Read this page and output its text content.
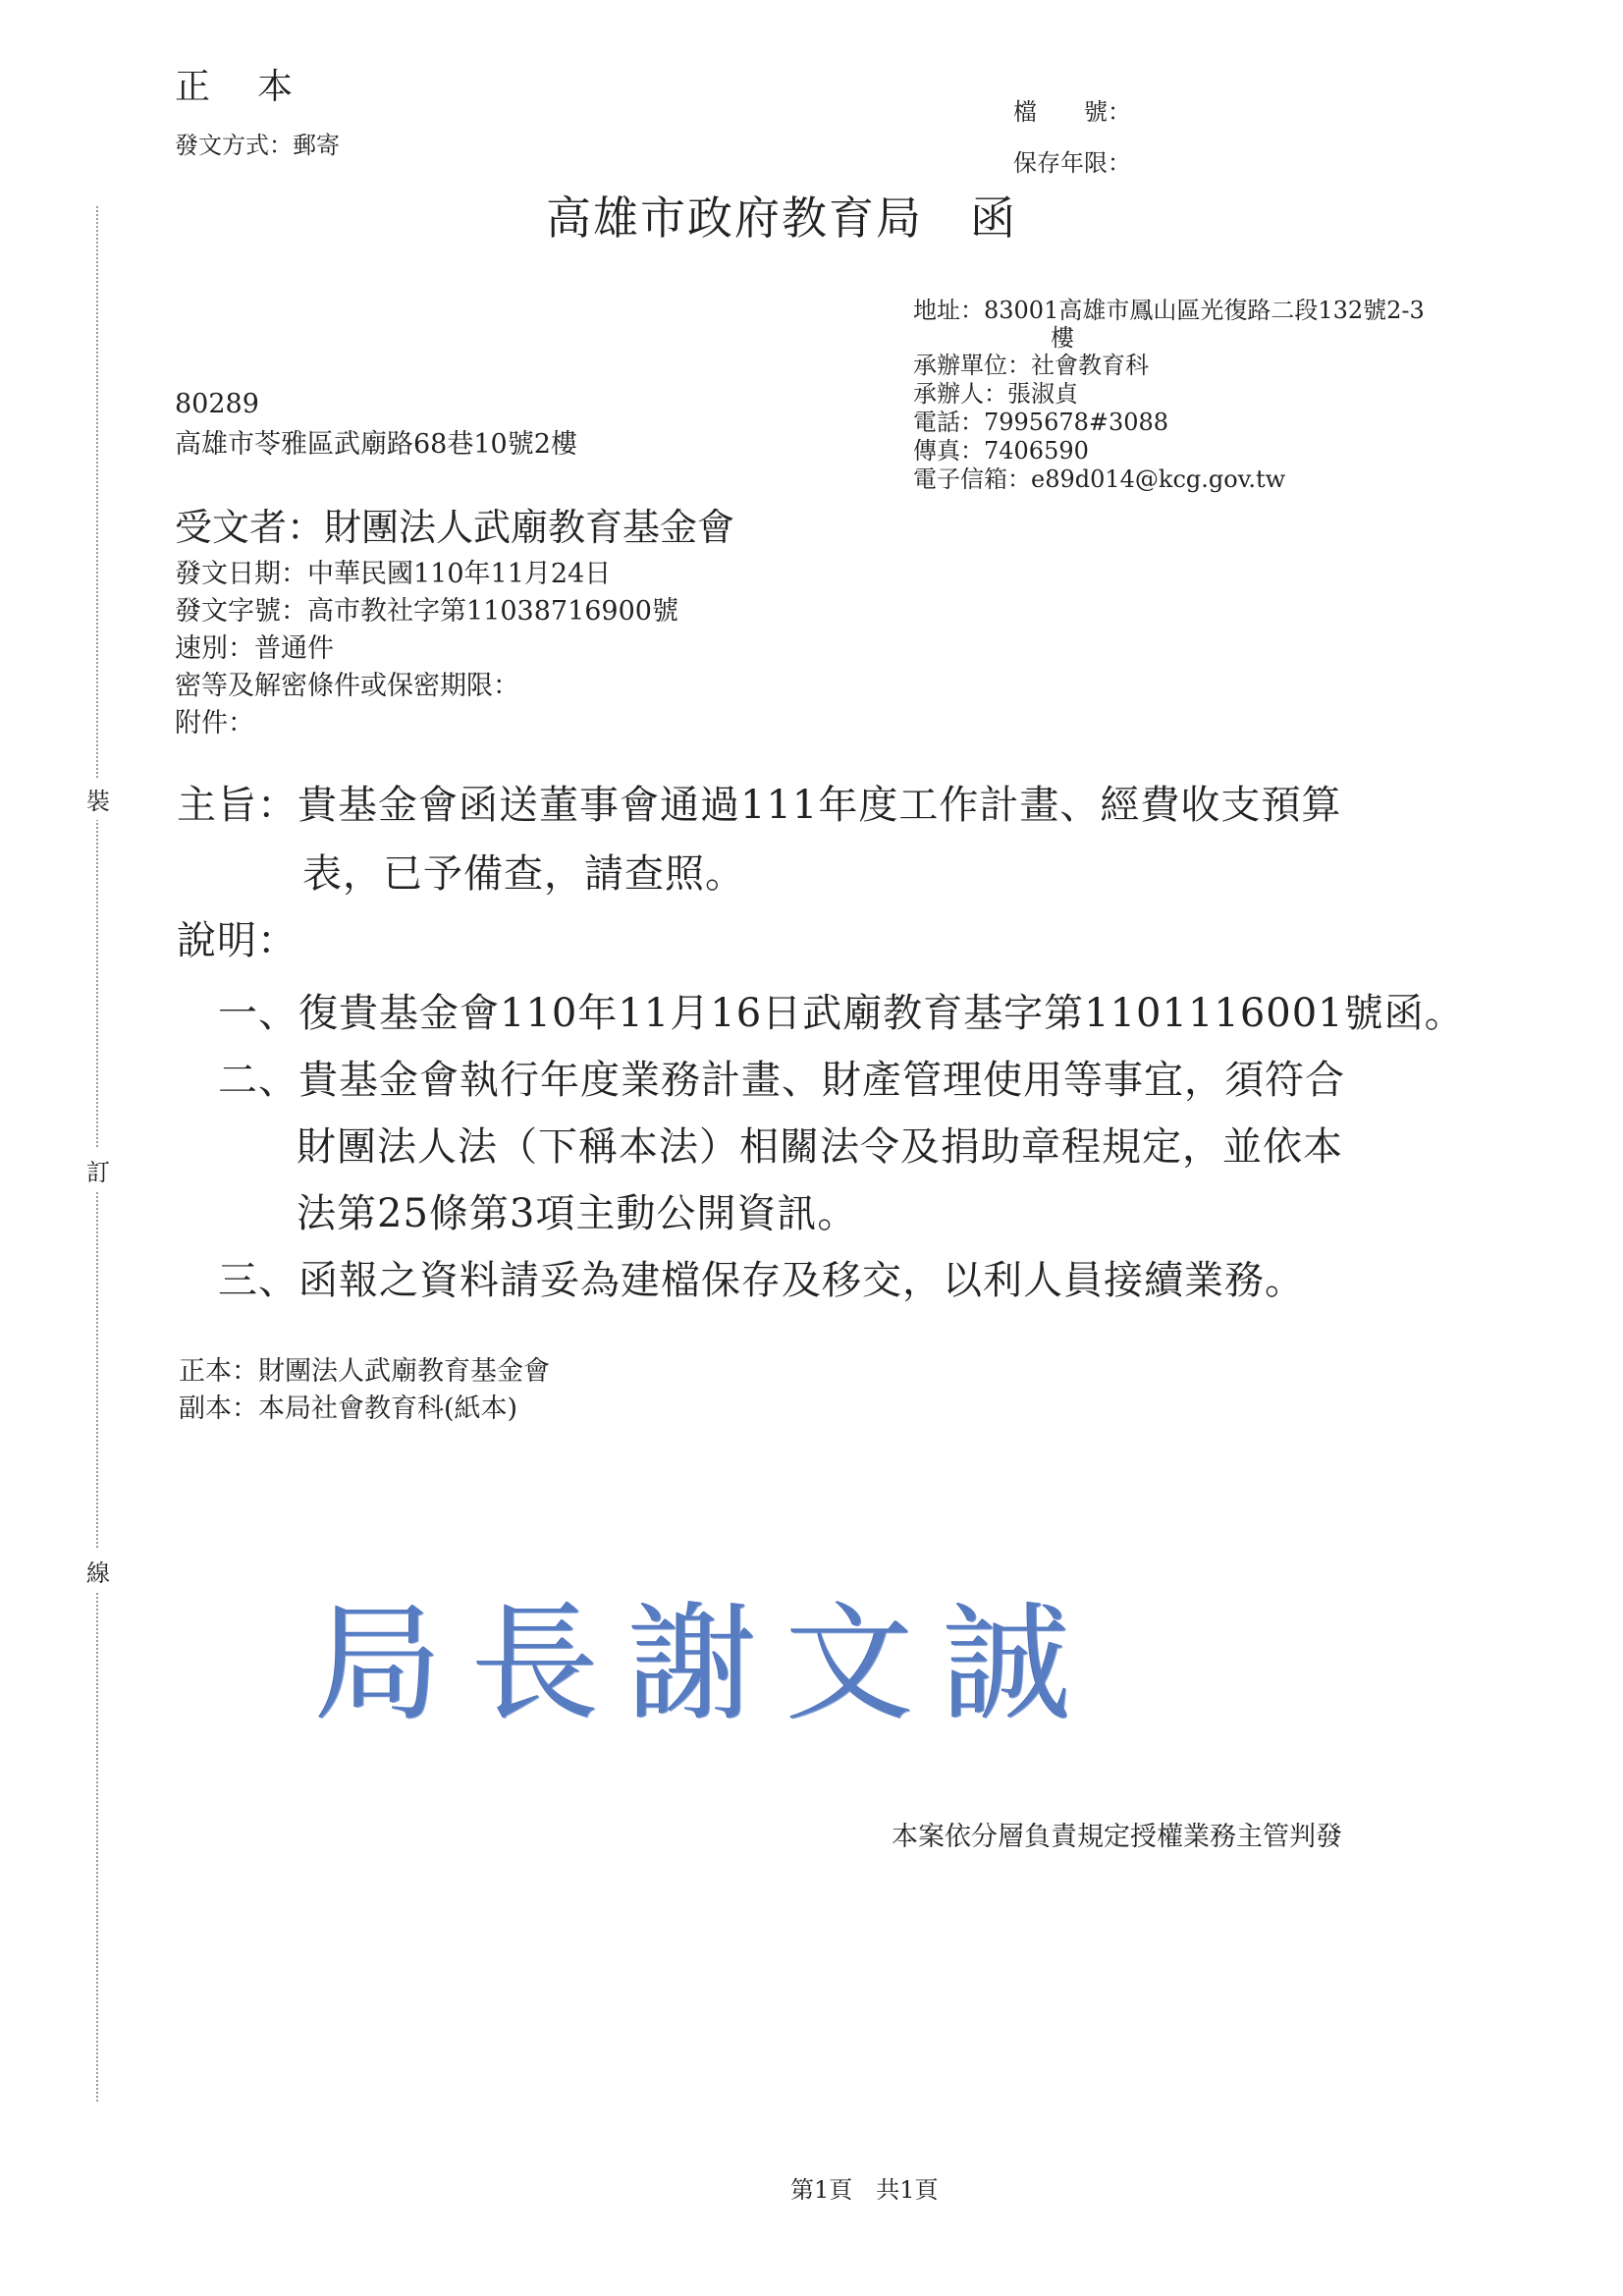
裝
訂
線
正　本
發文方式：郵寄
檔　　號：
保存年限：
高雄市政府教育局　函
地址：83001高雄市鳳山區光復路二段132號2-3
樓
承辦單位：社會教育科
承辦人：張淑貞
電話：7995678#3088
傳真：7406590
電子信箱：e89d014@kcg.gov.tw
80289
高雄市苓雅區武廟路68巷10號2樓
受文者：財團法人武廟教育基金會
發文日期：中華民國110年11月24日
發文字號：高市教社字第11038716900號
速別：普通件
密等及解密條件或保密期限：
附件：
主旨：貴基金會函送董事會通過111年度工作計畫、經費收支預算
表，已予備查，請查照。
說明：
一、復貴基金會110年11月16日武廟教育基字第1101116001號函。
二、貴基金會執行年度業務計畫、財產管理使用等事宜，須符合
財團法人法（下稱本法）相關法令及捐助章程規定，並依本
法第25條第3項主動公開資訊。
三、函報之資料請妥為建檔保存及移交，以利人員接續業務。
正本：財團法人武廟教育基金會
副本：本局社會教育科(紙本)
局長謝文誠
本案依分層負責規定授權業務主管判發
第1頁　共1頁
